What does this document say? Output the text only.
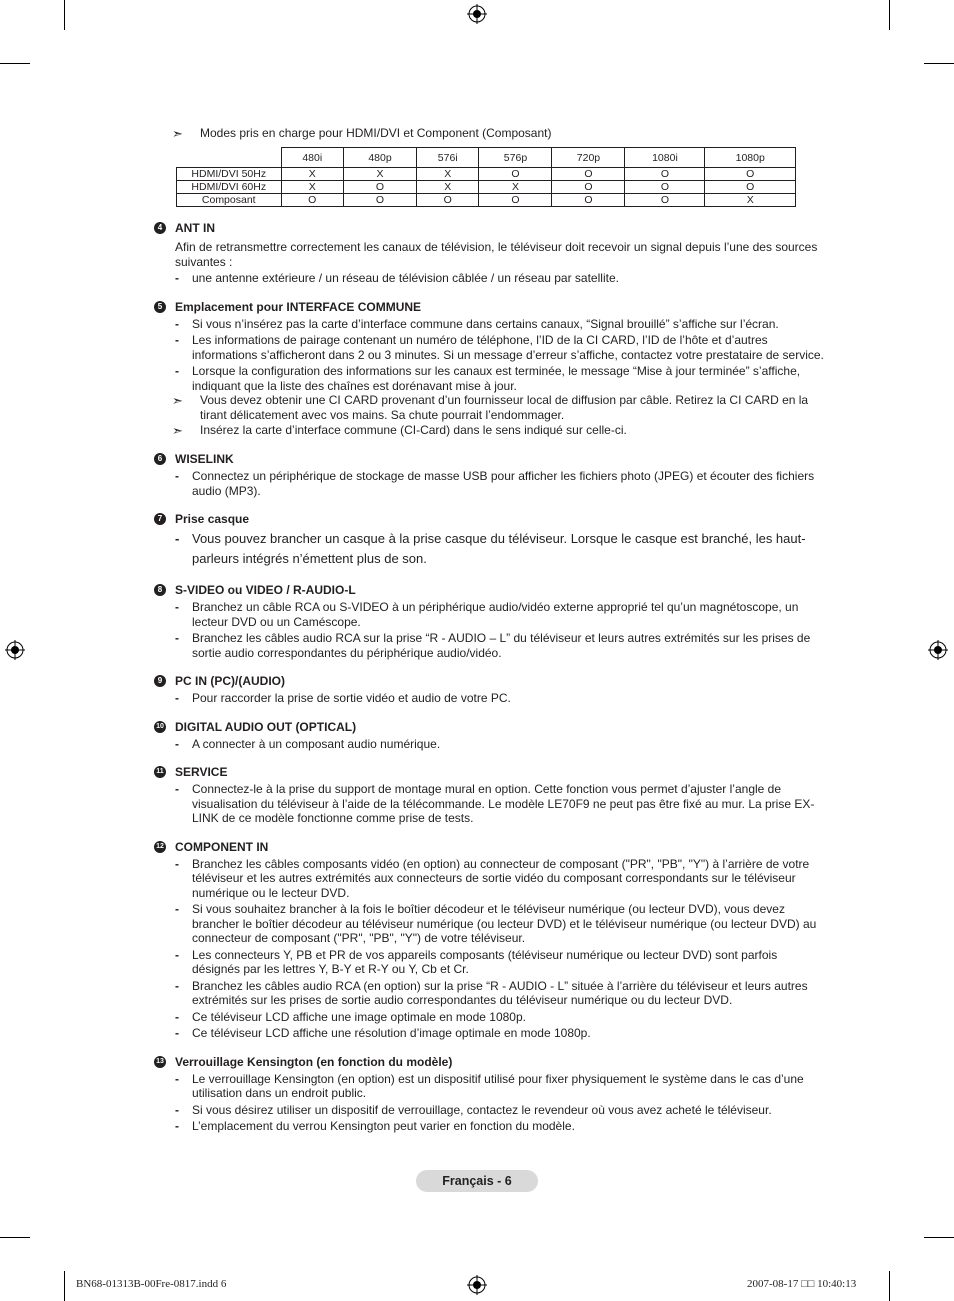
➣ Modes pris en charge pour HDMI/DVI et Component (Composant)
	480i	480p	576i	576p	720p	1080i	1080p
HDMI/DVI 50Hz	X	X	X	O	O	O	O
HDMI/DVI 60Hz	X	O	X	X	O	O	O
Composant	O	O	O	O	O	O	X
4	ANT IN
Afin de retransmettre correctement les canaux de télévision, le téléviseur doit recevoir un signal depuis l’une des sources suivantes :
- une antenne extérieure / un réseau de télévision câblée / un réseau par satellite.
5	Emplacement pour INTERFACE COMMUNE
- Si vous n’insérez pas la carte d’interface commune dans certains canaux, “Signal brouillé” s’affiche sur l’écran.
- Les informations de pairage contenant un numéro de téléphone, l’ID de la CI CARD, l’ID de l’hôte et d’autres informations s’afficheront dans 2 ou 3 minutes. Si un message d’erreur s’affiche, contactez votre prestataire de service.
- Lorsque la configuration des informations sur les canaux est terminée, le message “Mise à jour terminée” s’affiche, indiquant que la liste des chaînes est dorénavant mise à jour.
➣ Vous devez obtenir une CI CARD provenant d’un fournisseur local de diffusion par câble. Retirez la CI CARD en la tirant délicatement avec vos mains. Sa chute pourrait l’endommager.
➣ Insérez la carte d’interface commune (CI-Card) dans le sens indiqué sur celle-ci.
6	WISELINK
- Connectez un périphérique de stockage de masse USB pour afficher les fichiers photo (JPEG) et écouter des fichiers audio (MP3).
7	Prise casque
- Vous pouvez brancher un casque à la prise casque du téléviseur. Lorsque le casque est branché, les haut-parleurs intégrés n’émettent plus de son.
8	S-VIDEO ou VIDEO / R-AUDIO-L
- Branchez un câble RCA ou S-VIDEO à un périphérique audio/vidéo externe approprié tel qu’un magnétoscope, un lecteur DVD ou un Caméscope.
- Branchez les câbles audio RCA sur la prise “R - AUDIO – L” du téléviseur et leurs autres extrémités sur les prises de sortie audio correspondantes du périphérique audio/vidéo.
9	PC IN (PC)/(AUDIO)
- Pour raccorder la prise de sortie vidéo et audio de votre PC.
10 DIGITAL AUDIO OUT (OPTICAL)
- A connecter à un composant audio numérique.
11 SERVICE
- Connectez-le à la prise du support de montage mural en option. Cette fonction vous permet d’ajuster l’angle de visualisation du téléviseur à l’aide de la télécommande. Le modèle LE70F9 ne peut pas être fixé au mur. La prise EX-LINK de ce modèle fonctionne comme prise de tests.
12 COMPONENT IN
- Branchez les câbles composants vidéo (en option) au connecteur de composant ("PR", "PB", "Y") à l’arrière de votre téléviseur et les autres extrémités aux connecteurs de sortie vidéo du composant correspondants sur le téléviseur numérique ou le lecteur DVD.
- Si vous souhaitez brancher à la fois le boîtier décodeur et le téléviseur numérique (ou lecteur DVD), vous devez brancher le boîtier décodeur au téléviseur numérique (ou lecteur DVD) et le téléviseur numérique (ou lecteur DVD) au connecteur de composant ("PR", "PB", "Y") de votre téléviseur.
- Les connecteurs Y, PB et PR de vos appareils composants (téléviseur numérique ou lecteur DVD) sont parfois désignés par les lettres Y, B-Y et R-Y ou Y, Cb et Cr.
- Branchez les câbles audio RCA (en option) sur la prise “R - AUDIO - L” située à l’arrière du téléviseur et leurs autres extrémités sur les prises de sortie audio correspondantes du téléviseur numérique ou du lecteur DVD.
- Ce téléviseur LCD affiche une image optimale en mode 1080p.
- Ce téléviseur LCD affiche une résolution d’image optimale en mode 1080p.
13 Verrouillage Kensington (en fonction du modèle)
- Le verrouillage Kensington (en option) est un dispositif utilisé pour fixer physiquement le système dans le cas d’une utilisation dans un endroit public.
- Si vous désirez utiliser un dispositif de verrouillage, contactez le revendeur où vous avez acheté le téléviseur.
- L’emplacement du verrou Kensington peut varier en fonction du modèle.
Français - 6
BN68-01313B-00Fre-0817.indd 6	2007-08-17 □□ 10:40:13
